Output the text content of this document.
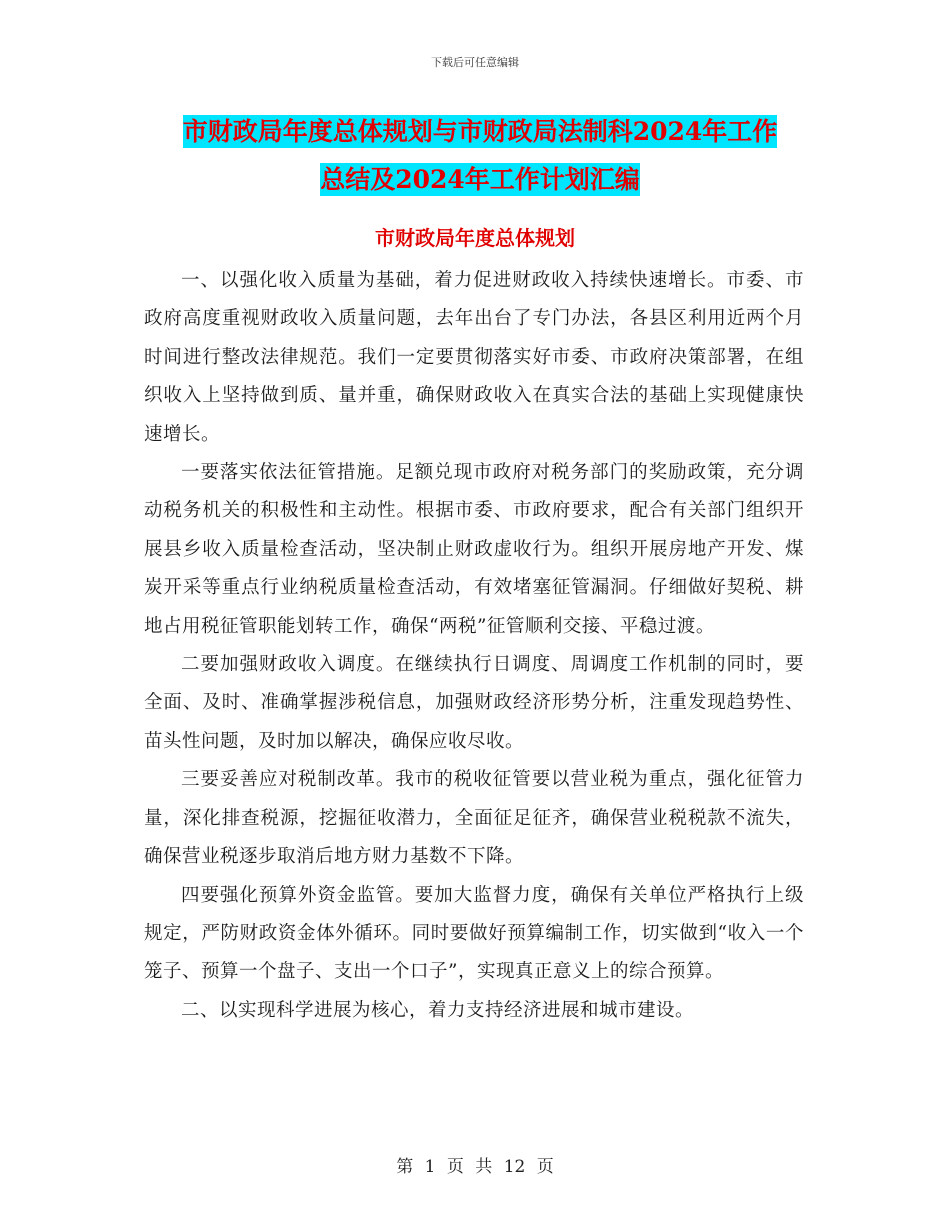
下载后可任意编辑
市财政局年度总体规划与市财政局法制科2024年工作
总结及2024年工作计划汇编
市财政局年度总体规划

一、以强化收入质量为基础，着力促进财政收入持续快速增长。市委、市政府高度重视财政收入质量问题，去年出台了专门办法，各县区利用近两个月时间进行整改法律规范。我们一定要贯彻落实好市委、市政府决策部署，在组织收入上坚持做到质、量并重，确保财政收入在真实合法的基础上实现健康快速增长。

一要落实依法征管措施。足额兑现市政府对税务部门的奖励政策，充分调动税务机关的积极性和主动性。根据市委、市政府要求，配合有关部门组织开展县乡收入质量检查活动，坚决制止财政虚收行为。组织开展房地产开发、煤炭开采等重点行业纳税质量检查活动，有效堵塞征管漏洞。仔细做好契税、耕地占用税征管职能划转工作，确保“两税”征管顺利交接、平稳过渡。

二要加强财政收入调度。在继续执行日调度、周调度工作机制的同时，要全面、及时、准确掌握涉税信息，加强财政经济形势分析，注重发现趋势性、苗头性问题，及时加以解决，确保应收尽收。

三要妥善应对税制改革。我市的税收征管要以营业税为重点，强化征管力量，深化排查税源，挖掘征收潜力，全面征足征齐，确保营业税税款不流失，确保营业税逐步取消后地方财力基数不下降。

四要强化预算外资金监管。要加大监督力度，确保有关单位严格执行上级规定，严防财政资金体外循环。同时要做好预算编制工作，切实做到“收入一个笼子、预算一个盘子、支出一个口子”，实现真正意义上的综合预算。

二、以实现科学进展为核心，着力支持经济进展和城市建设。

第 1 页 共 12 页
